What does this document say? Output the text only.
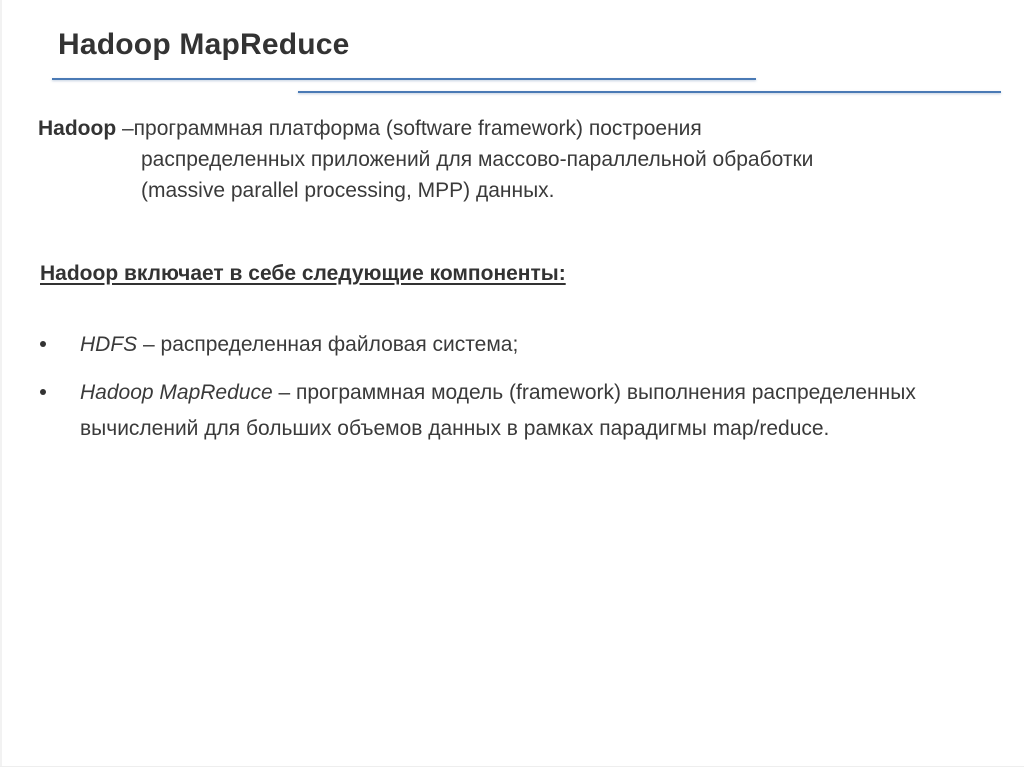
Hadoop MapReduce
Hadoop –программная платформа (software framework) построения
распределенных приложений для массово-параллельной обработки
(massive parallel processing, MPP) данных.
Hadoop включает в себе следующие компоненты:
HDFS – распределенная файловая система;
Hadoop MapReduce – программная модель (framework) выполнения распределенных вычислений для больших объемов данных в рамках парадигмы map/reduce.
